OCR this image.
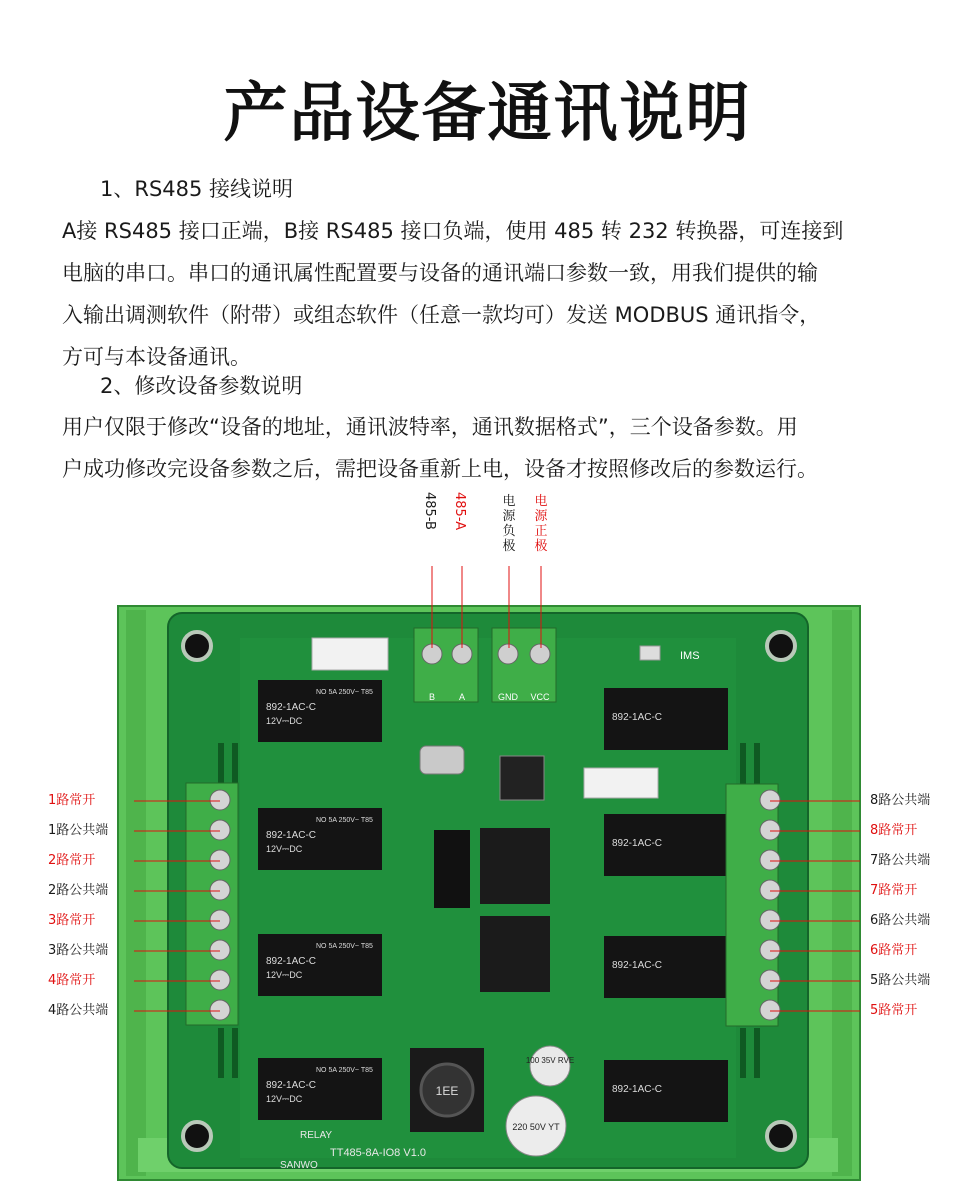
产品设备通讯说明
1、RS485 接线说明
A接 RS485 接口正端，B接 RS485 接口负端，使用 485 转 232 转换器，可连接到
电脑的串口。串口的通讯属性配置要与设备的通讯端口参数一致，用我们提供的输
入输出调测软件（附带）或组态软件（任意一款均可）发送 MODBUS 通讯指令，
方可与本设备通讯。
2、修改设备参数说明
用户仅限于修改“设备的地址，通讯波特率，通讯数据格式”，三个设备参数。用
户成功修改完设备参数之后，需把设备重新上电，设备才按照修改后的参数运行。
485-B 485-A	电源负极
电源正极
B	A	GND VCC
IMS
1EE
100 35V RVE
220 50V YT
892-1AC-C
12V⎓DC
NO 5A 250V~ T85
892-1AC-C
12V⎓DC
NO 5A 250V~ T85
892-1AC-C
12V⎓DC
NO 5A 250V~ T85
892-1AC-C
12V⎓DC
NO 5A 250V~ T85
892-1AC-C
892-1AC-C
892-1AC-C
892-1AC-C
TT485-8A-IO8 V1.0
RELAY
SANWO
1路常开
1路公共端
2路常开
2路公共端
3路常开
3路公共端
4路常开
4路公共端
8路公共端
8路常开
7路公共端
7路常开
6路公共端
6路常开
5路公共端
5路常开
